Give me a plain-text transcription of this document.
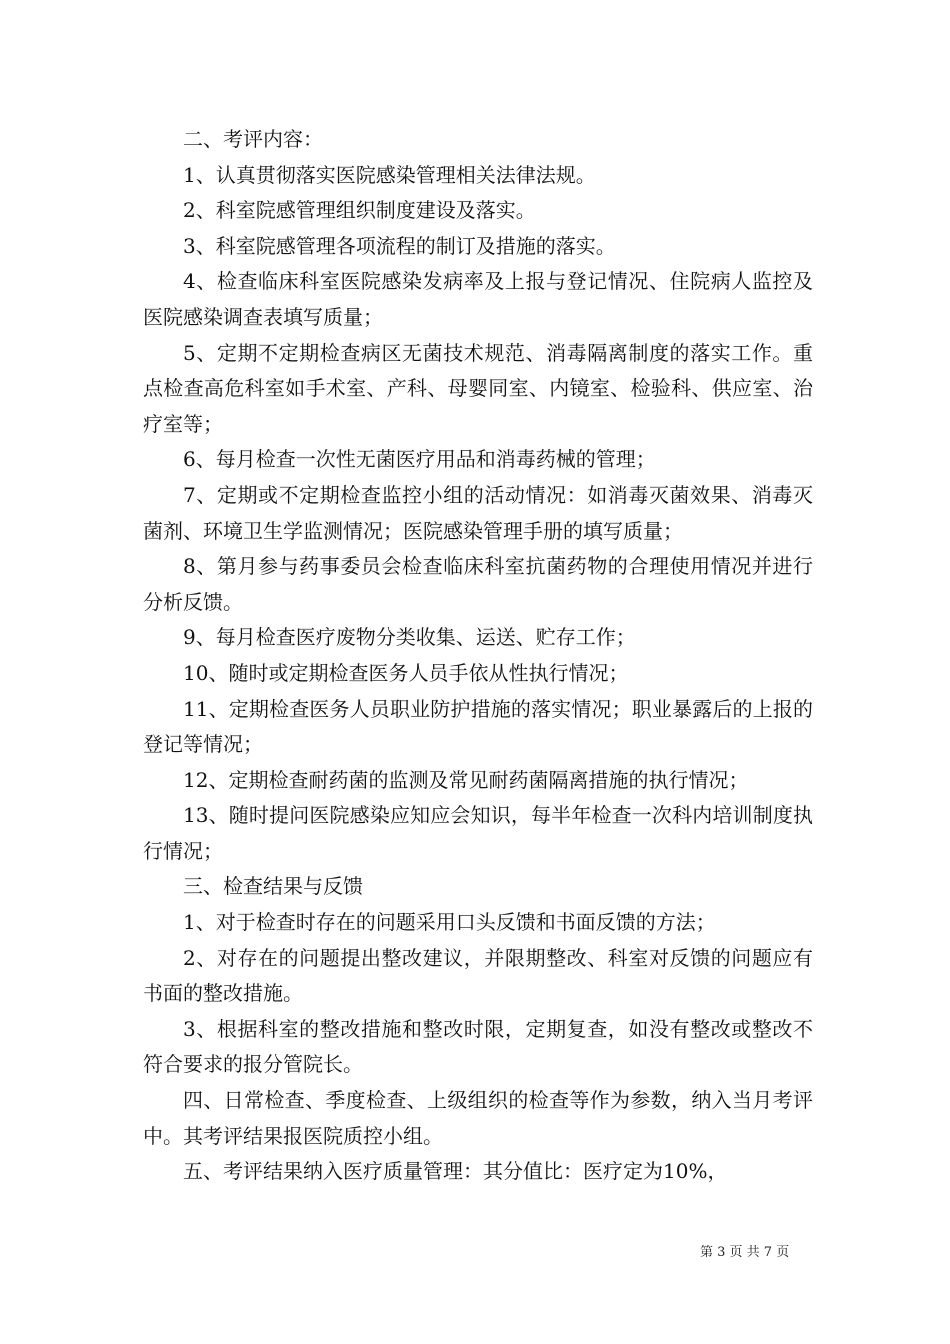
二、考评内容：

1、认真贯彻落实医院感染管理相关法律法规。

2、科室院感管理组织制度建设及落实。

3、科室院感管理各项流程的制订及措施的落实。

4、检查临床科室医院感染发病率及上报与登记情况、住院病人监控及医院感染调查表填写质量；

5、定期不定期检查病区无菌技术规范、消毒隔离制度的落实工作。重点检查高危科室如手术室、产科、母婴同室、内镜室、检验科、供应室、治疗室等；

6、每月检查一次性无菌医疗用品和消毒药械的管理；

7、定期或不定期检查监控小组的活动情况：如消毒灭菌效果、消毒灭菌剂、环境卫生学监测情况；医院感染管理手册的填写质量；

8、第月参与药事委员会检查临床科室抗菌药物的合理使用情况并进行分析反馈。

9、每月检查医疗废物分类收集、运送、贮存工作；

10、随时或定期检查医务人员手依从性执行情况；

11、定期检查医务人员职业防护措施的落实情况；职业暴露后的上报的登记等情况；

12、定期检查耐药菌的监测及常见耐药菌隔离措施的执行情况；

13、随时提问医院感染应知应会知识，每半年检查一次科内培训制度执行情况；

三、检查结果与反馈

1、对于检查时存在的问题采用口头反馈和书面反馈的方法；

2、对存在的问题提出整改建议，并限期整改、科室对反馈的问题应有书面的整改措施。

3、根据科室的整改措施和整改时限，定期复查，如没有整改或整改不符合要求的报分管院长。

四、日常检查、季度检查、上级组织的检查等作为参数，纳入当月考评中。其考评结果报医院质控小组。

五、考评结果纳入医疗质量管理：其分值比：医疗定为10%，

第 3 页 共 7 页
